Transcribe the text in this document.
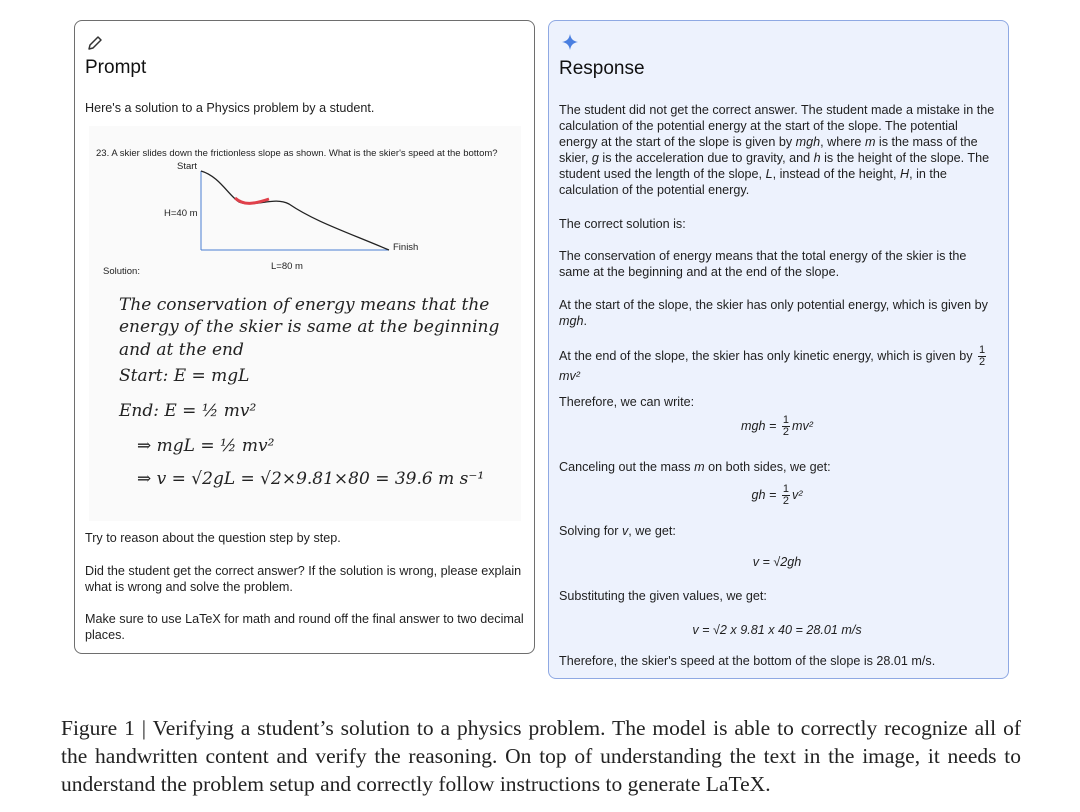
Prompt
Here's a solution to a Physics problem by a student.
23. A skier slides down the frictionless slope as shown. What is the skier's speed at the bottom?
Start
H=40 m
Finish
L=80 m
Solution:
The conservation of energy means that the
energy of the skier is same at the beginning
and at the end
Start: E = mgL
End: E = ½ mv²
⇒ mgL = ½ mv²
⇒ v = √2gL = √2×9.81×80 = 39.6 m s⁻¹
Try to reason about the question step by step.
Did the student get the correct answer? If the solution is wrong, please explain what is wrong and solve the problem.
Make sure to use LaTeX for math and round off the final answer to two decimal places.
Response
The student did not get the correct answer. The student made a mistake in the calculation of the potential energy at the start of the slope. The potential energy at the start of the slope is given by mgh, where m is the mass of the skier, g is the acceleration due to gravity, and h is the height of the slope. The student used the length of the slope, L, instead of the height, H, in the calculation of the potential energy.
The correct solution is:
The conservation of energy means that the total energy of the skier is the same at the beginning and at the end of the slope.
At the start of the slope, the skier has only potential energy, which is given by mgh.
At the end of the slope, the skier has only kinetic energy, which is given by $\frac{1}{2}$
mv²
Therefore, we can write:
mgh = $\frac{1}{2} mv^2$
Canceling out the mass m on both sides, we get:
gh = $\frac{1}{2} v^2$
Solving for v, we get:
v = √2gh
Substituting the given values, we get:
v = √2 x 9.81 x 40 = 28.01 m/s
Therefore, the skier's speed at the bottom of the slope is 28.01 m/s.
Figure 1 | Verifying a student’s solution to a physics problem. The model is able to correctly recognize all of the handwritten content and verify the reasoning. On top of understanding the text in the image, it needs to understand the problem setup and correctly follow instructions to generate LaTeX.
